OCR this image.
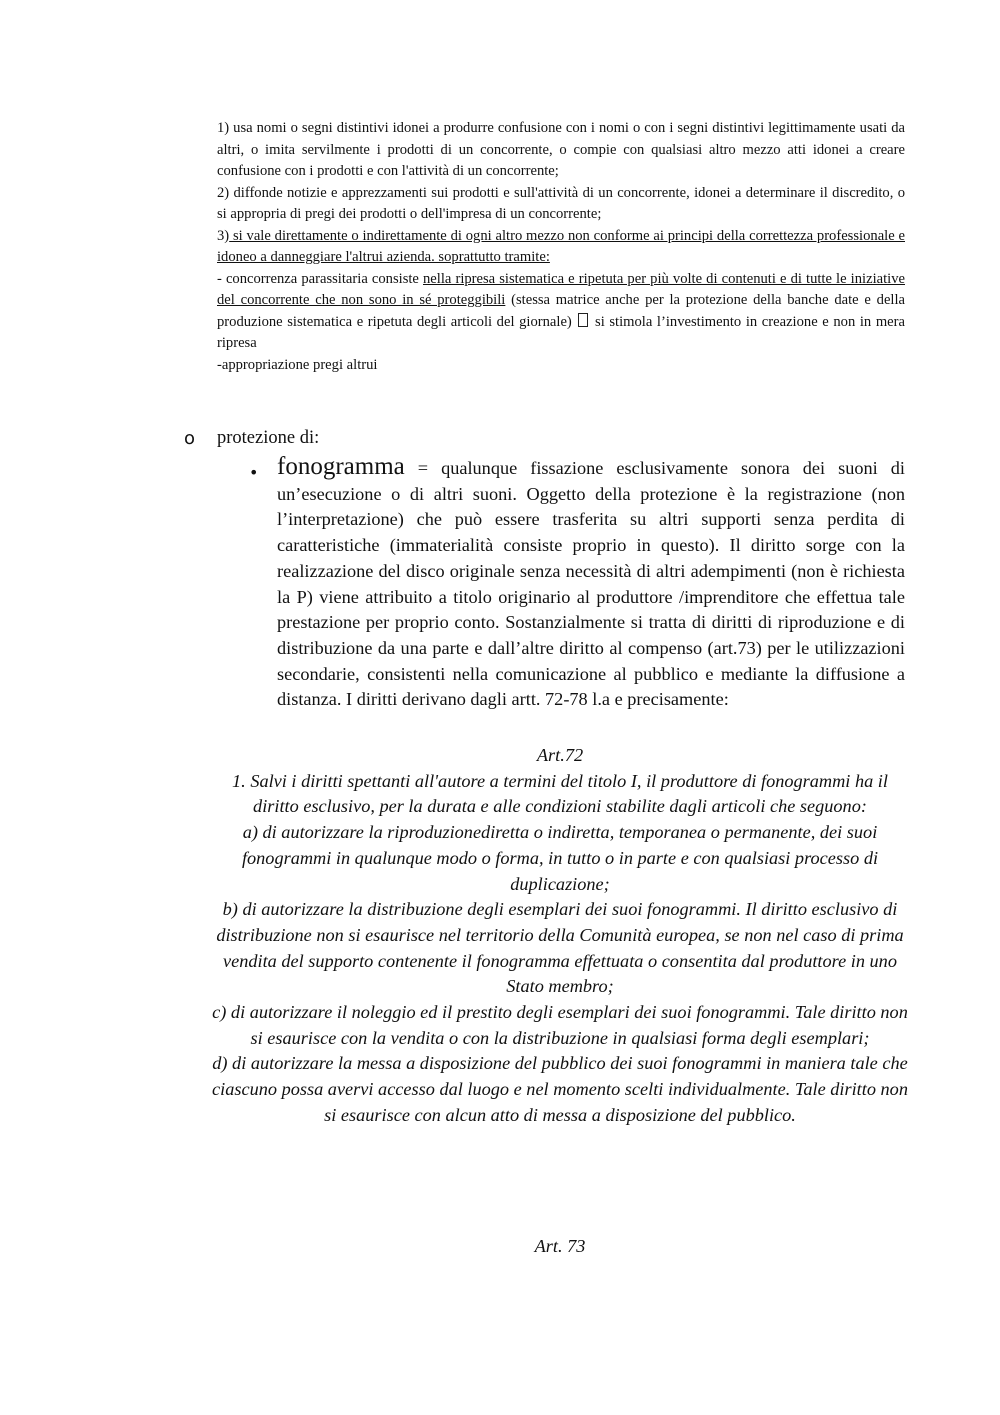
1) usa nomi o segni distintivi idonei a produrre confusione con i nomi o con i segni distintivi legittimamente usati da altri, o imita servilmente i prodotti di un concorrente, o compie con qualsiasi altro mezzo atti idonei a creare confusione con i prodotti e con l'attività di un concorrente;

2) diffonde notizie e apprezzamenti sui prodotti e sull'attività di un concorrente, idonei a determinare il discredito, o si appropria di pregi dei prodotti o dell'impresa di un concorrente;

3) si vale direttamente o indirettamente di ogni altro mezzo non conforme ai principi della correttezza professionale e idoneo a danneggiare l'altrui azienda. soprattutto tramite:

- concorrenza parassitaria consiste nella ripresa sistematica e ripetuta per più volte di contenuti e di tutte le iniziative del concorrente che non sono in sé proteggibili (stessa matrice anche per la protezione della banche date e della produzione sistematica e ripetuta degli articoli del giornale)  si stimola l’investimento in creazione e non in mera ripresa

-appropriazione pregi altrui

o protezione di:
• fonogramma = qualunque fissazione esclusivamente sonora dei suoni di un’esecuzione o di altri suoni. Oggetto della protezione è la registrazione (non l’interpretazione) che può essere trasferita su altri supporti senza perdita di caratteristiche (immaterialità consiste proprio in questo). Il diritto sorge con la realizzazione del disco originale senza necessità di altri adempimenti (non è richiesta la P) viene attribuito a titolo originario al produttore /imprenditore che effettua tale prestazione per proprio conto. Sostanzialmente si tratta di diritti di riproduzione e di distribuzione da una parte e dall’altre diritto al compenso (art.73) per le utilizzazioni secondarie, consistenti nella comunicazione al pubblico e mediante la diffusione a distanza. I diritti derivano dagli artt. 72-78 l.a e precisamente:

Art.72

1. Salvi i diritti spettanti all'autore a termini del titolo I, il produttore di fonogrammi ha il diritto esclusivo, per la durata e alle condizioni stabilite dagli articoli che seguono:

a) di autorizzare la riproduzionediretta o indiretta, temporanea o permanente, dei suoi fonogrammi in qualunque modo o forma, in tutto o in parte e con qualsiasi processo di duplicazione;

b) di autorizzare la distribuzione degli esemplari dei suoi fonogrammi. Il diritto esclusivo di distribuzione non si esaurisce nel territorio della Comunità europea, se non nel caso di prima vendita del supporto contenente il fonogramma effettuata o consentita dal produttore in uno Stato membro;

c) di autorizzare il noleggio ed il prestito degli esemplari dei suoi fonogrammi. Tale diritto non si esaurisce con la vendita o con la distribuzione in qualsiasi forma degli esemplari;

d) di autorizzare la messa a disposizione del pubblico dei suoi fonogrammi in maniera tale che ciascuno possa avervi accesso dal luogo e nel momento scelti individualmente. Tale diritto non si esaurisce con alcun atto di messa a disposizione del pubblico.

Art. 73
